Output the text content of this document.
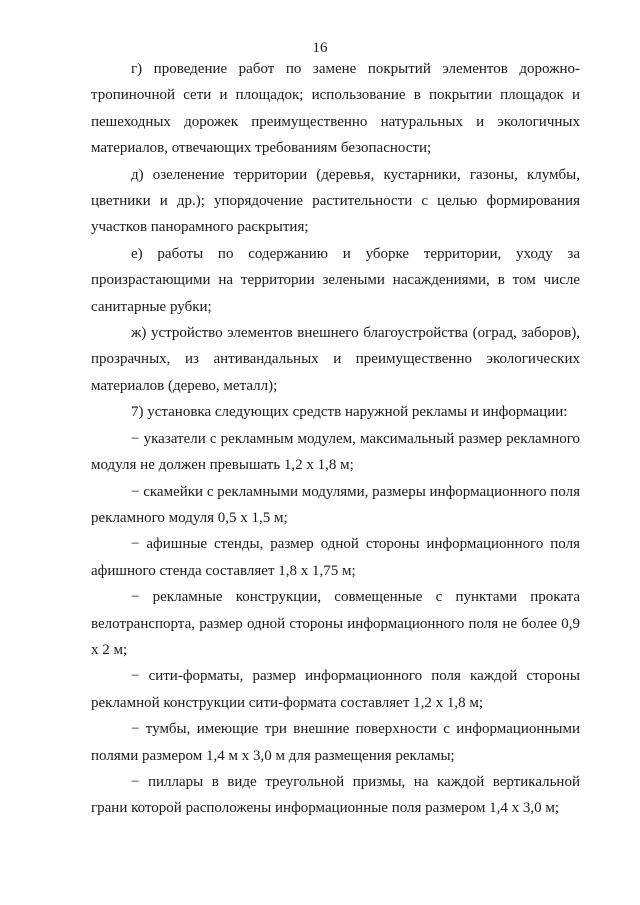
16

г) проведение работ по замене покрытий элементов дорожно-тропиночной сети и площадок; использование в покрытии площадок и пешеходных дорожек преимущественно натуральных и экологичных материалов, отвечающих требованиям безопасности;

д) озеленение территории (деревья, кустарники, газоны, клумбы, цветники и др.); упорядочение растительности с целью формирования участков панорамного раскрытия;

е) работы по содержанию и уборке территории, уходу за произрастающими на территории зелеными насаждениями, в том числе санитарные рубки;

ж) устройство элементов внешнего благоустройства (оград, заборов), прозрачных, из антивандальных и преимущественно экологических материалов (дерево, металл);

7) установка следующих средств наружной рекламы и информации:

− указатели с рекламным модулем, максимальный размер рекламного модуля не должен превышать 1,2 х 1,8 м;

− скамейки с рекламными модулями, размеры информационного поля рекламного модуля 0,5 х 1,5 м;

− афишные стенды, размер одной стороны информационного поля афишного стенда составляет 1,8 х 1,75 м;

− рекламные конструкции, совмещенные с пунктами проката велотранспорта, размер одной стороны информационного поля не более 0,9 х 2 м;

− сити-форматы, размер информационного поля каждой стороны рекламной конструкции сити-формата составляет 1,2 х 1,8 м;

− тумбы, имеющие три внешние поверхности с информационными полями размером 1,4 м х 3,0 м для размещения рекламы;

− пиллары в виде треугольной призмы, на каждой вертикальной грани которой расположены информационные поля размером 1,4 х 3,0 м;
